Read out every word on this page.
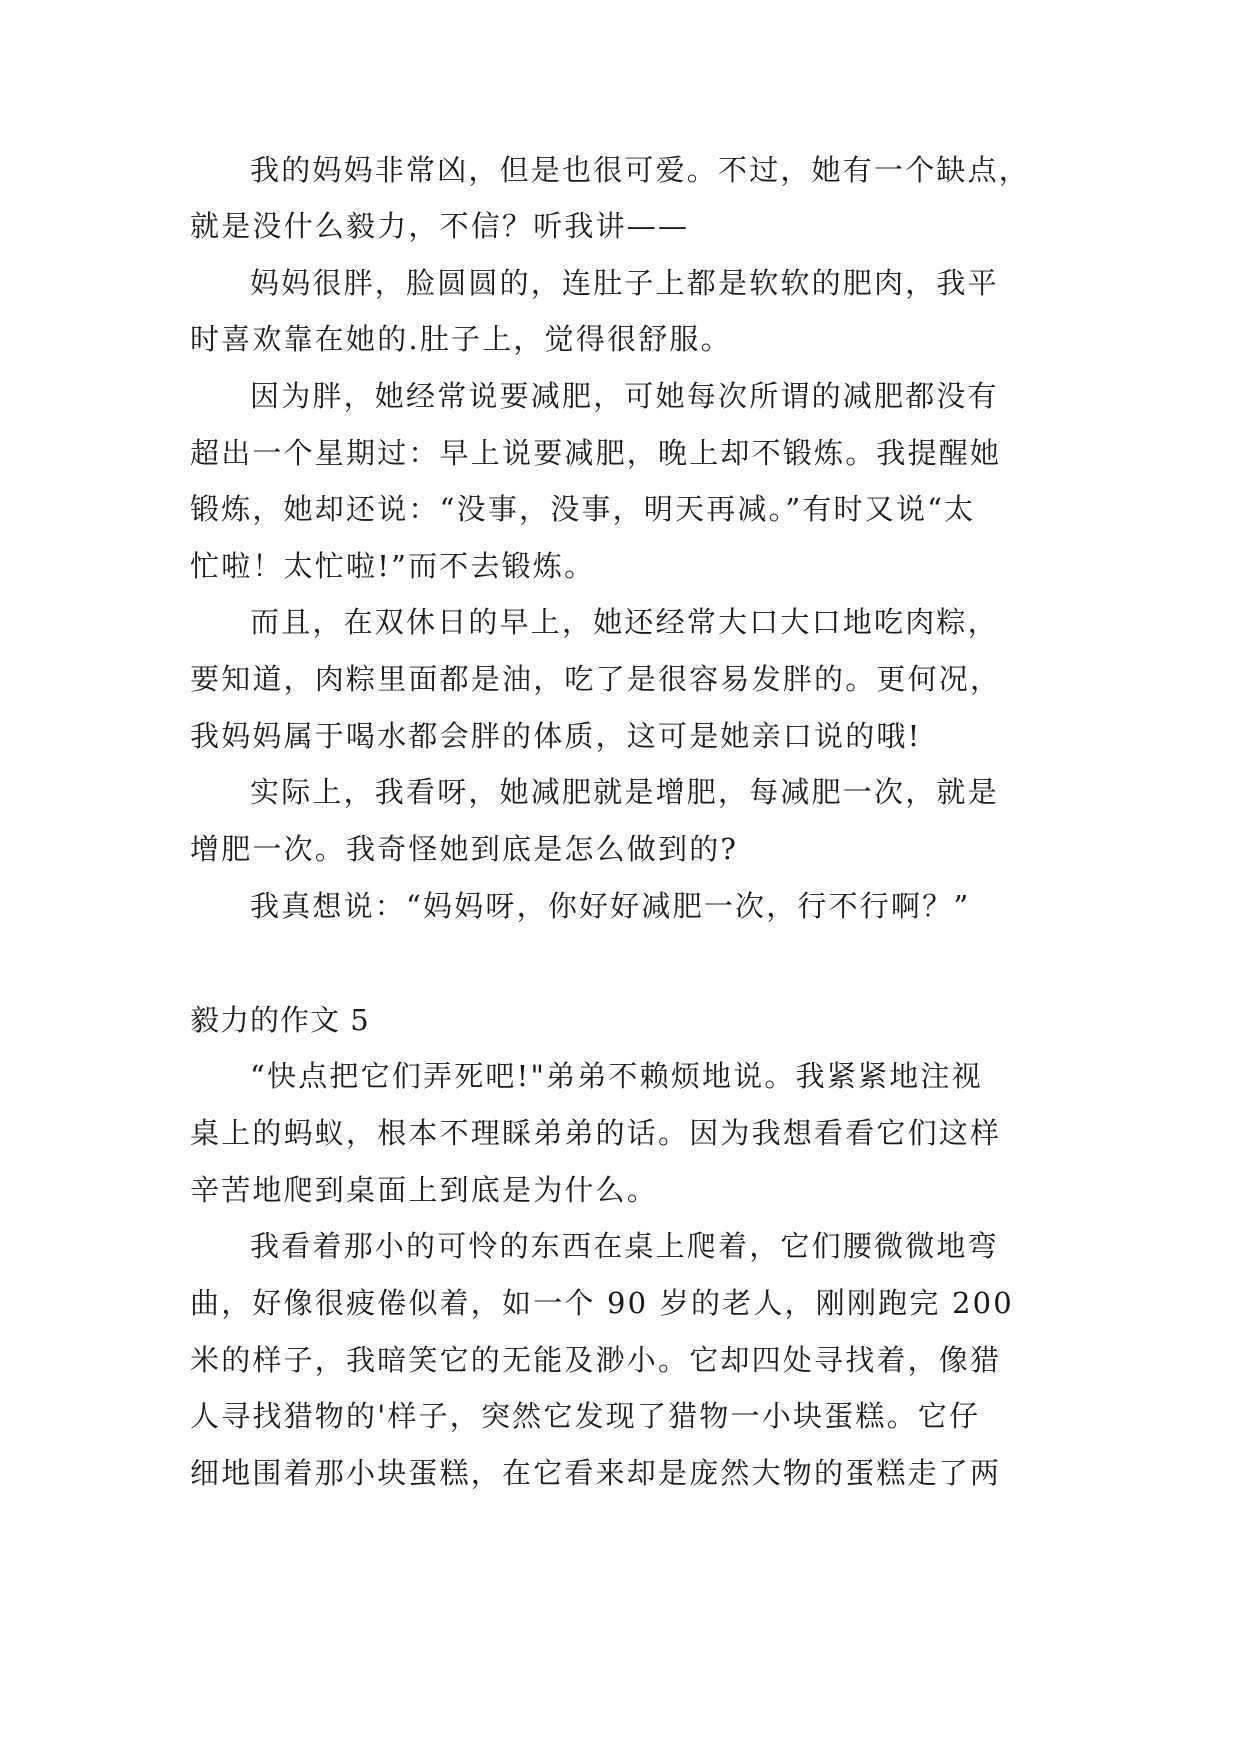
我的妈妈非常凶，但是也很可爱。不过，她有一个缺点，
就是没什么毅力，不信？听我讲——
妈妈很胖，脸圆圆的，连肚子上都是软软的肥肉，我平
时喜欢靠在她的.肚子上，觉得很舒服。
因为胖，她经常说要减肥，可她每次所谓的减肥都没有
超出一个星期过：早上说要减肥，晚上却不锻炼。我提醒她
锻炼，她却还说：“没事，没事，明天再减。”有时又说“太
忙啦！太忙啦!”而不去锻炼。
而且，在双休日的早上，她还经常大口大口地吃肉粽，
要知道，肉粽里面都是油，吃了是很容易发胖的。更何况，
我妈妈属于喝水都会胖的体质，这可是她亲口说的哦!
实际上，我看呀，她减肥就是增肥，每减肥一次，就是
增肥一次。我奇怪她到底是怎么做到的?
我真想说：“妈妈呀，你好好减肥一次，行不行啊？”
毅力的作文 5
“快点把它们弄死吧!"弟弟不赖烦地说。我紧紧地注视
桌上的蚂蚁，根本不理睬弟弟的话。因为我想看看它们这样
辛苦地爬到桌面上到底是为什么。
我看着那小的可怜的东西在桌上爬着，它们腰微微地弯
曲，好像很疲倦似着，如一个 90 岁的老人，刚刚跑完 200
米的样子，我暗笑它的无能及渺小。它却四处寻找着，像猎
人寻找猎物的'样子，突然它发现了猎物一小块蛋糕。它仔
细地围着那小块蛋糕，在它看来却是庞然大物的蛋糕走了两
